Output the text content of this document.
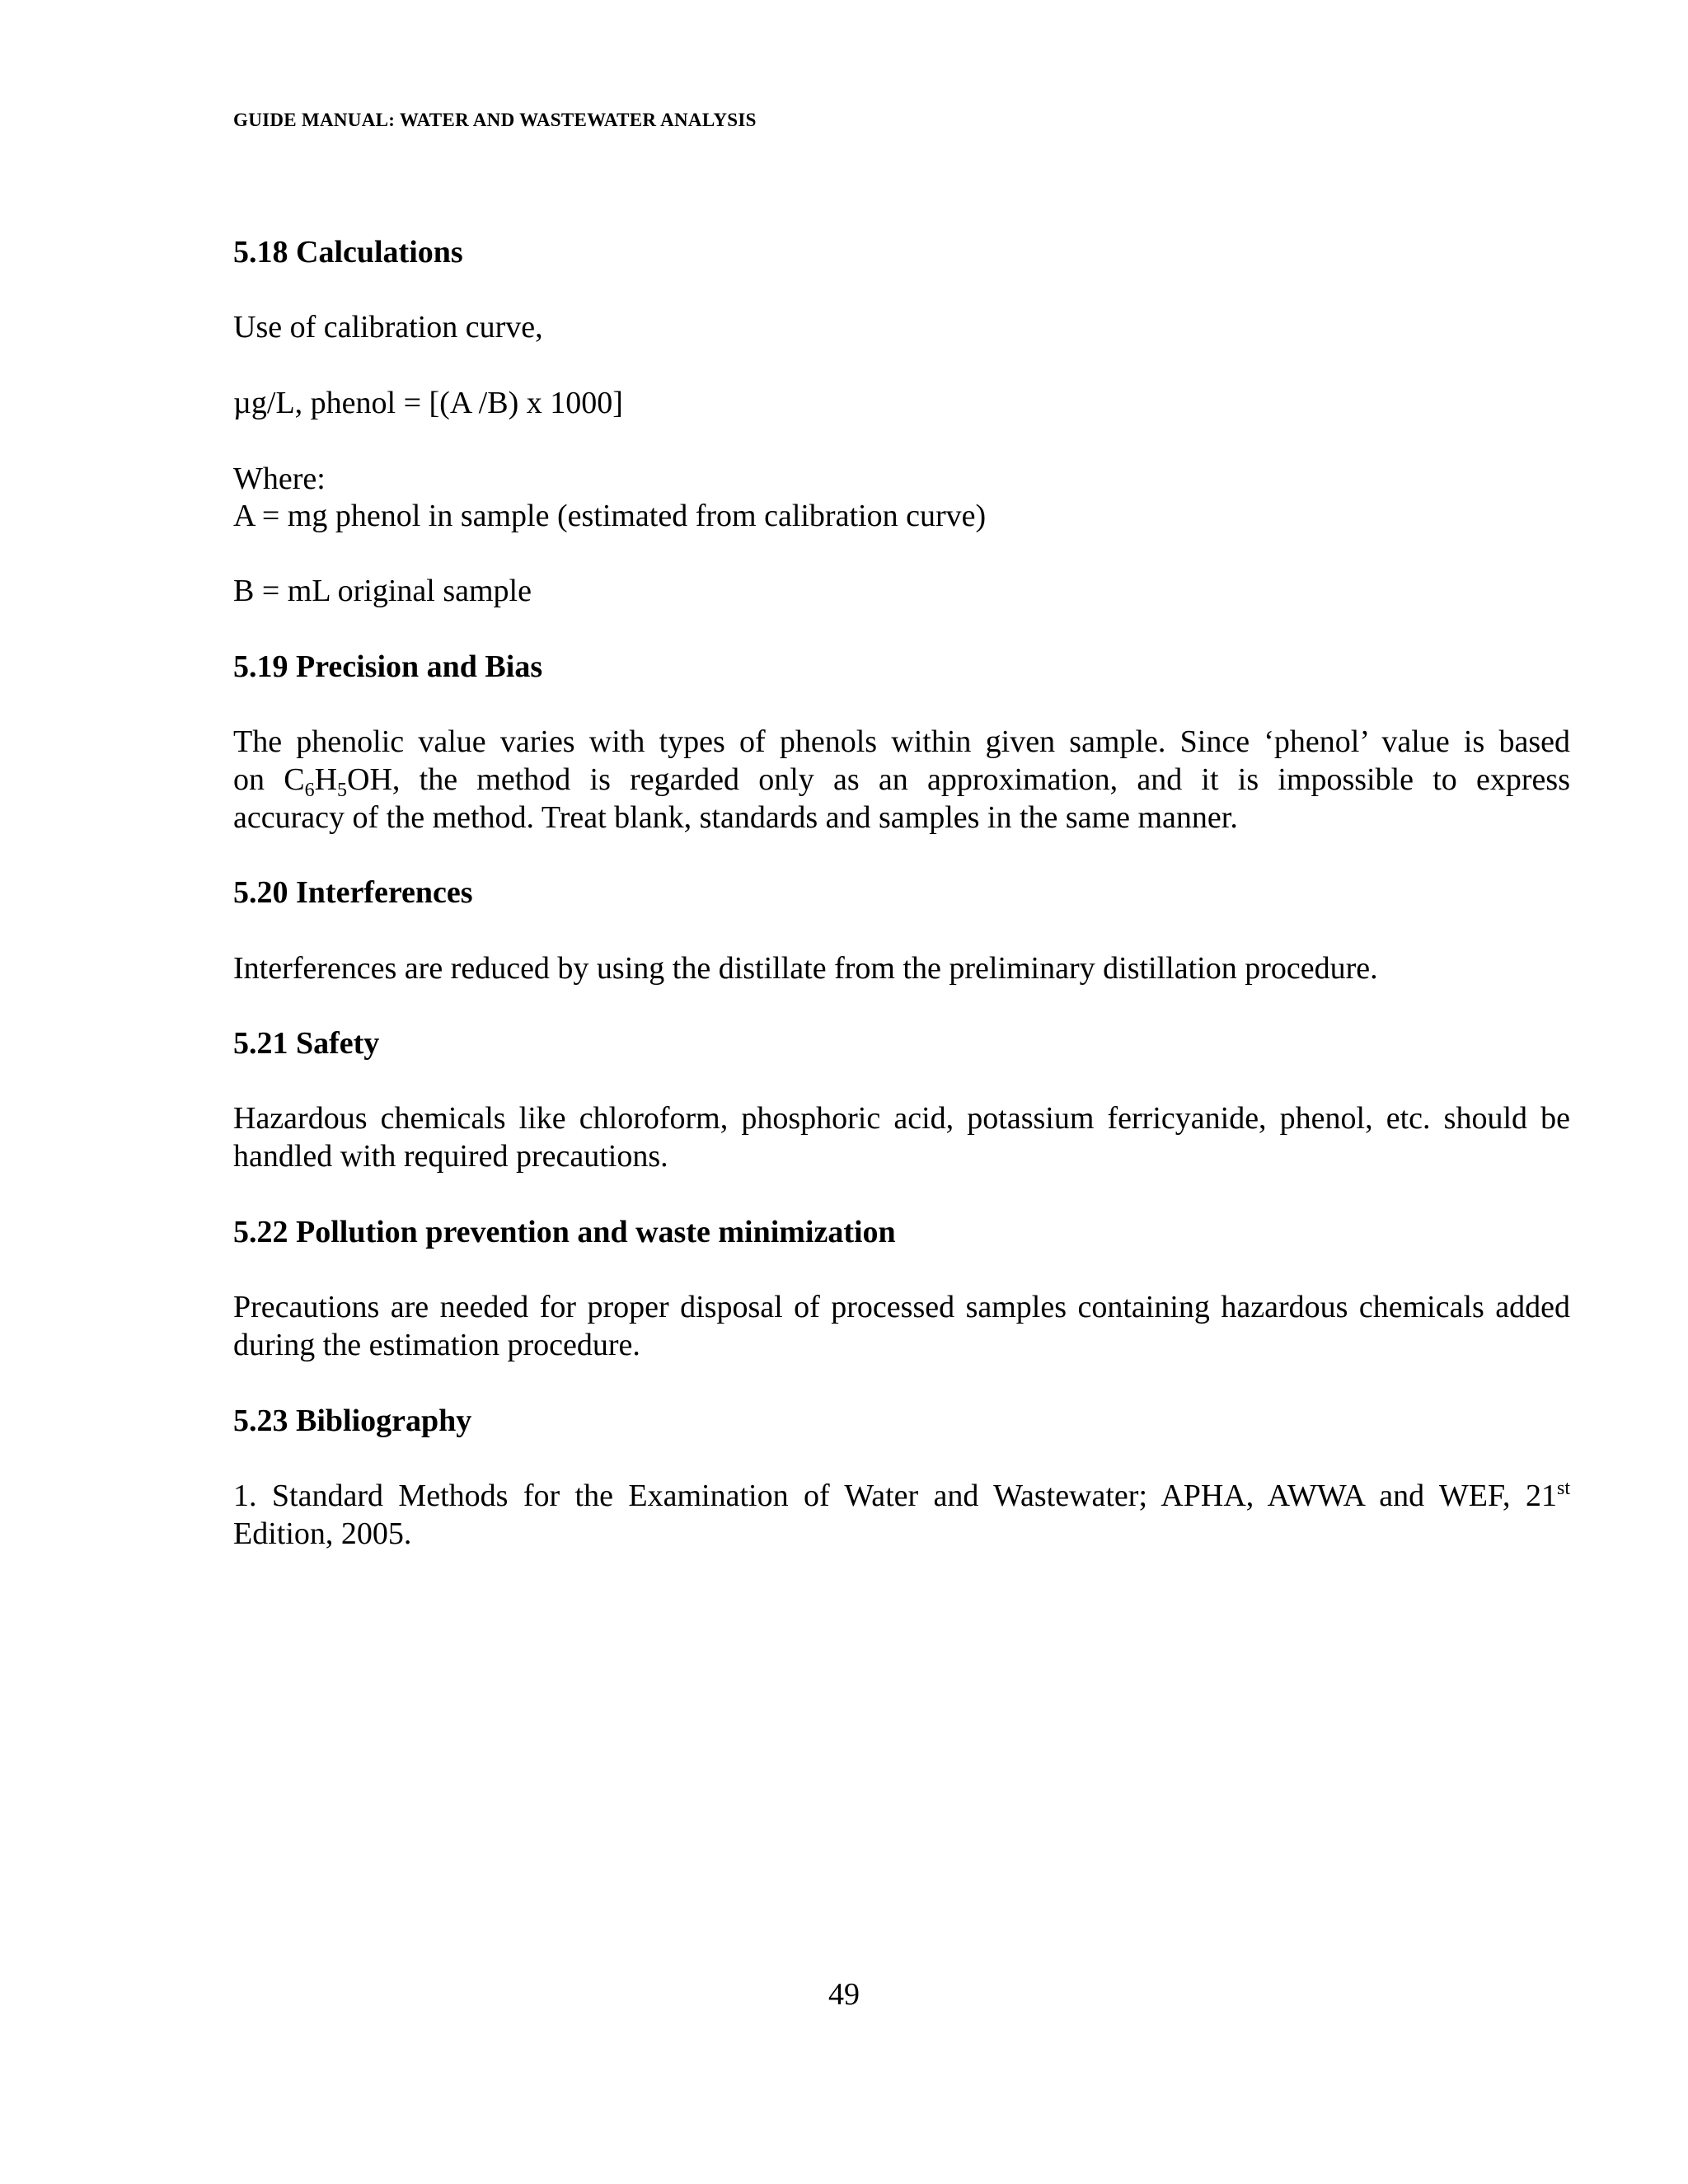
GUIDE MANUAL: WATER AND WASTEWATER ANALYSIS
5.18 Calculations
Use of calibration curve,
µg/L, phenol = [(A /B) x 1000]
Where:
A = mg phenol in sample (estimated from calibration curve)
B = mL original sample
5.19 Precision and Bias
The phenolic value varies with types of phenols within given sample. Since ‘phenol’ value is based
on $C_6H_5OH$, the method is regarded only as an approximation, and it is impossible to express
accuracy of the method. Treat blank, standards and samples in the same manner.
5.20 Interferences
Interferences are reduced by using the distillate from the preliminary distillation procedure.
5.21 Safety
Hazardous chemicals like chloroform, phosphoric acid, potassium ferricyanide, phenol, etc. should be handled with required precautions.
5.22 Pollution prevention and waste minimization
Precautions are needed for proper disposal of processed samples containing hazardous chemicals added during the estimation procedure.
5.23 Bibliography
1. Standard Methods for the Examination of Water and Wastewater; APHA, AWWA and WEF, 21st
Edition, 2005.
49
